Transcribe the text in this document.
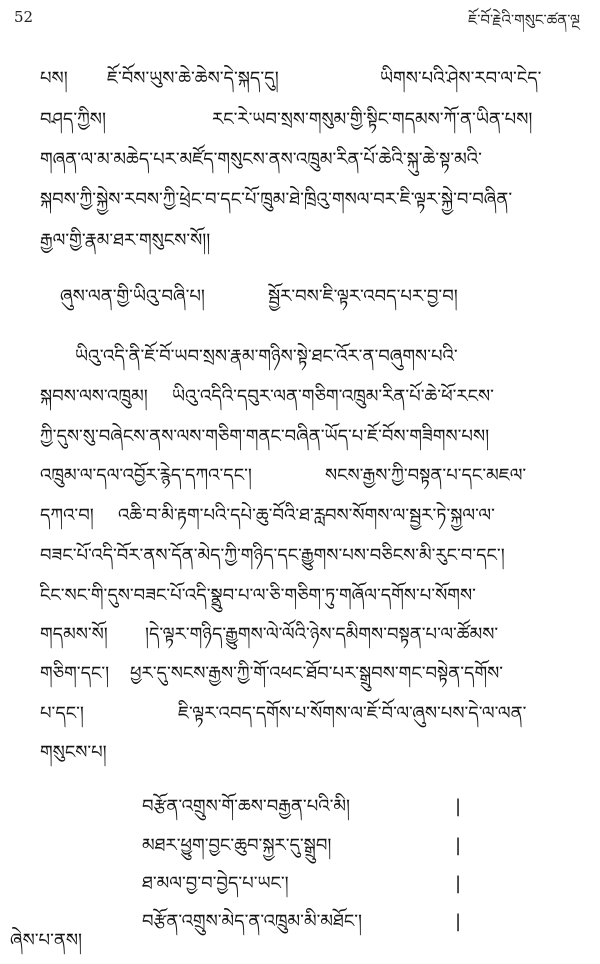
52	ཇོ་བོ་རྗེའི་གསུང་ཚན་ལྔ
པས། ཇོ་བོས་ཡུས་ཆེ་ཆེས་དེ་སྐད་དུ།	ཡིགས་པའི་ཤེས་རབ་ལ་ངེད་
བཤད་ཀྱིས།	རང་རེ་ཡབ་སྲས་གསུམ་གྱི་སྟིང་གདམས་ཀོ་ན་ཡིན་པས།
གཞན་ལ་མ་མཆེད་པར་མཛོད་གསུངས་ནས་འཁྲུམ་རིན་པོ་ཆེའི་སྐུ་ཆེ་སྟ་མའི་
སྐབས་ཀྱི་སྐྱེས་རབས་ཀྱི་ཕྲེང་བ་དང་པོ་ཁྲུམ་ཐེ་ཁྲིའུ་གསལ་བར་ཇི་ལྟར་སྐྱེ་བ་བཞིན་
རྒྱལ་གྱི་རྣམ་ཐར་གསུངས་སོ།།
ཞུས་ལན་གྱི་ཡིའུ་བཞི་པ།	སྦྱོར་བས་ཇི་ལྟར་འབད་པར་བྱ་བ།
ཡིའུ་འདི་ནི་ཇོ་བོ་ཡབ་སྲས་རྣམ་གཉིས་སྟེ་ཐང་འོར་ན་བཞུགས་པའི་
སྐབས་ལས་འཁྲུམ། ཡིའུ་འདིའི་དབུར་ལན་གཅིག་འཁྲུམ་རིན་པོ་ཆེ་ཕོ་རངས་
ཀྱི་དུས་སུ་བཞེངས་ནས་ལས་གཅིག་གནང་བཞིན་ཡོད་པ་ཇོ་བོས་གཟིགས་པས།
འཁྲུམ་ལ་དལ་འབྱོར་རྙེད་དཀའ་དང་།	སངས་རྒྱས་ཀྱི་བསྟན་པ་དང་མཇལ་
དཀའ་བ། འཆི་བ་མི་རྟག་པའི་དཔེ་ཆུ་བོའི་ཐ་རླབས་སོགས་ལ་སྦྱར་ཏེ་སྐྱལ་ལ་
བཟང་པོ་འདི་བོར་ནས་དོན་མེད་ཀྱི་གཉིད་དང་རྒྱུགས་པས་བཅིངས་མི་རུང་བ་དང་།
ངིང་སང་གི་དུས་བཟང་པོ་འདི་སྣྲུབ་པ་ལ་ཅི་གཅིག་ཏུ་གཞོལ་དགོས་པ་སོགས་
གདམས་སོ། །དེ་ལྟར་གཉིད་རྒྱུགས་ལེ་ལོའི་ཉེས་དམིགས་བསྟན་པ་ལ་ཚོམས་
གཅིག་དང་། ཕྱར་དུ་སངས་རྒྱས་ཀྱི་གོ་འཕང་ཐོབ་པར་སྒྲུབས་གང་བསྟེན་དགོས་
པ་དང་།	ཇི་ལྟར་འབད་དགོས་པ་སོགས་ལ་ཇོ་བོ་ལ་ཞུས་པས་དེ་ལ་ལན་
གསུངས་པ།
བརྩོན་འགྲུས་གོ་ཆས་བརྒྱན་པའི་མི།	|
མཐར་ཕྱུག་བྱང་ཆུབ་སྐྱར་དུ་སྒྲུབ།	|
ཐ་མལ་བྱ་བ་བྱེད་པ་ཡང་།	|
བརྩོན་འགྲུས་མེད་ན་འཁྲུམ་མི་མཐོང་།	|
ཞེས་པ་ནས།
